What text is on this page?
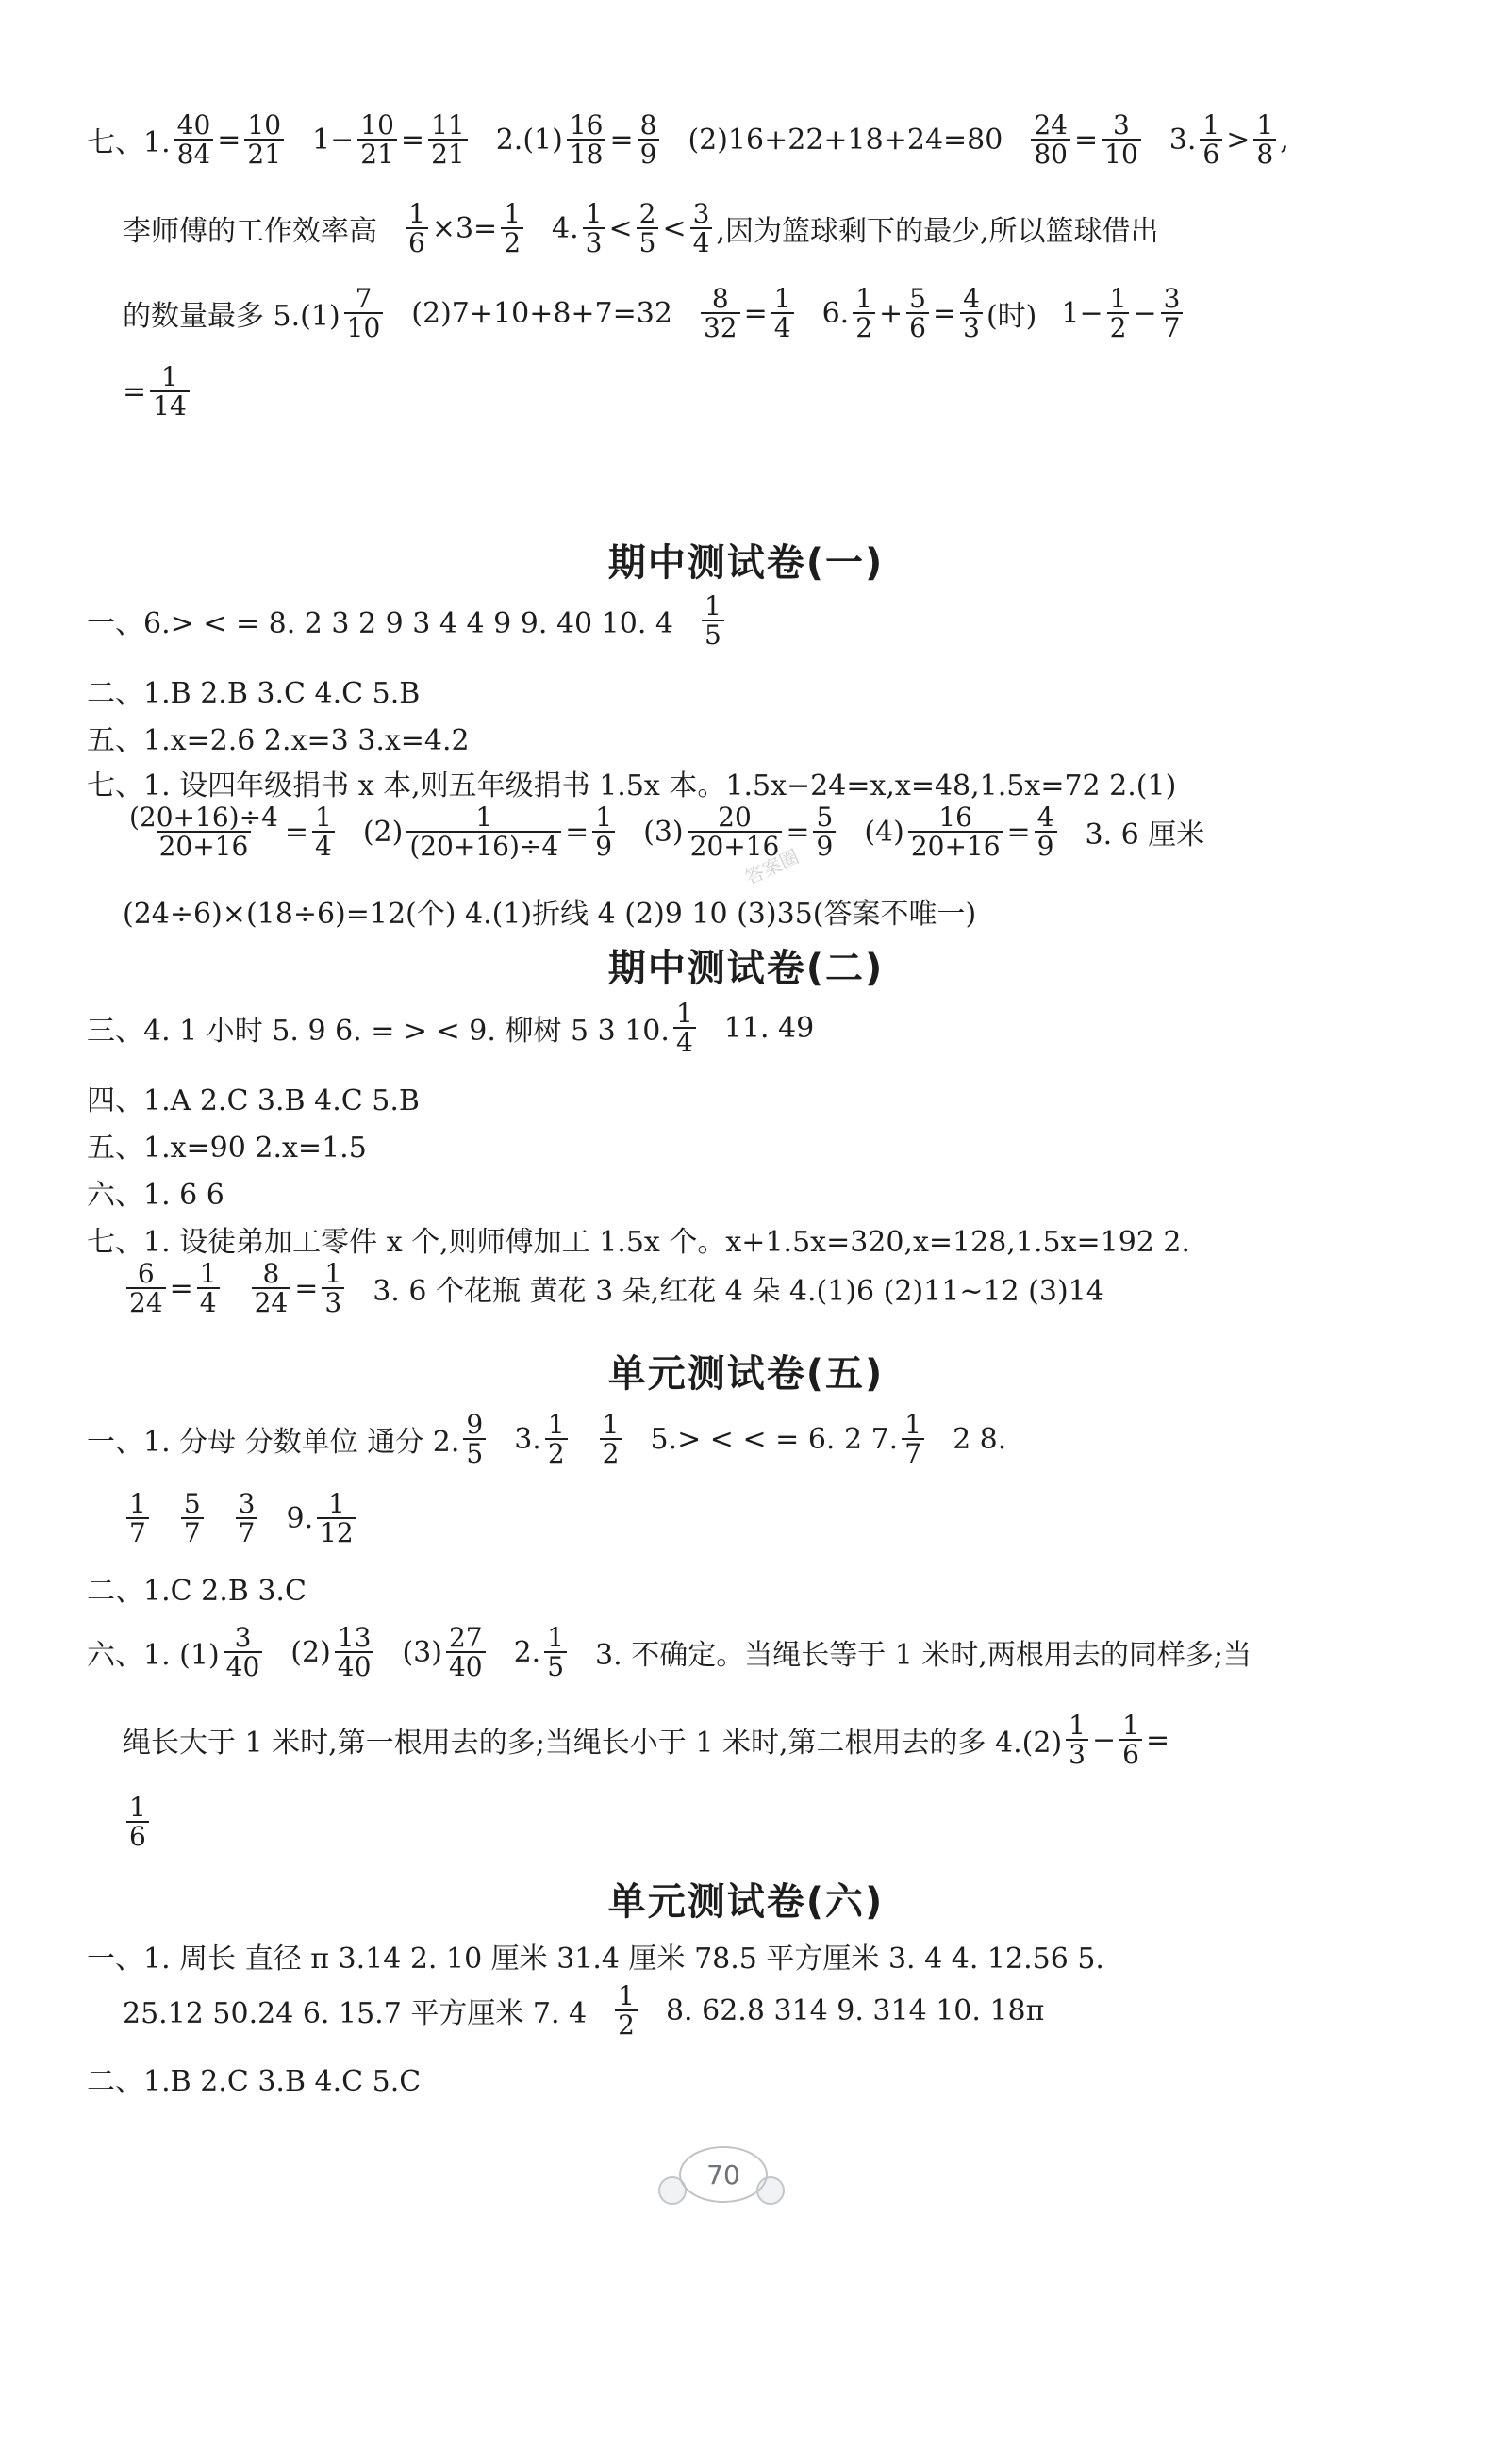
七、1. $\frac{40}{84} = \frac{10}{21} 1- \frac{10}{21} = \frac{11}{21} 2.(1) \frac{16}{18} = \frac{8}{9} (2)16+22+18+24=80 \frac{24}{80} = \frac{3}{10} 3$. $\frac{1}{6} > \frac{1}{8}$ ,
李师傅的工作效率高 $\frac{1}{6} \times 3= \frac{1}{2} 4$. $\frac{1}{3} < \frac{2}{5} < \frac{3}{4}$ ,因为篮球剩下的最少,所以篮球借出
的数量最多 $5.(1) \frac{7}{10} (2)7+10+8+7=32 \frac{8}{32} = \frac{1}{4} 6$. $\frac{1}{2} + \frac{5}{6} = \frac{4}{3}$ (时) $1- \frac{1}{2} - \frac{3}{7}$
= $\frac{1}{14}$
期中测试卷(一)
一、6.> < = 8. 2 3 2 9 3 4 4 9 9. 40 10. $4 \frac{1}{5}$
二、1.B 2.B 3.C 4.C 5.B
五、1.x=2.6 2.x=3 3.x=4.2
七、1. 设四年级捐书 x 本,则五年级捐书 1.5x 本。1.5x−24=x,x=48,1.5x=72 2.(1)
$\frac{(20+16)\div 4}{20+16} = \frac{1}{4} (2) \frac{1}{(20+16)\div 4} = \frac{1}{9} (3) \frac{20}{20+16} = \frac{5}{9} (4) \frac{16}{20+16} = \frac{4}{9} 3$. 6 厘米
(24÷6)×(18÷6)=12(个) 4.(1)折线 4 (2)9 10 (3)35(答案不唯一)
答案圈
期中测试卷(二)
三、4. 1 小时 5. 9 6. = > < 9. 柳树 5 3 10. $\frac{1}{4} 11$. 49
四、1.A 2.C 3.B 4.C 5.B
五、1.x=90 2.x=1.5
六、1. 6 6
七、1. 设徒弟加工零件 x 个,则师傅加工 1.5x 个。x+1.5x=320,x=128,1.5x=192 2.
$\frac{6}{24} = \frac{1}{4} \frac{8}{24} = \frac{1}{3} 3$. 6 个花瓶 黄花 3 朵,红花 4 朵 4.(1)6 (2)11~12 (3)14
单元测试卷(五)
一、1. 分母 分数单位 通分 2. $\frac{9}{5} 3$. $\frac{1}{2} \frac{1}{2} 5.>$ < < = 6. 2 7. $\frac{1}{7} 2$ 8.
$\frac{1}{7} \frac{5}{7} \frac{3}{7} 9$. $\frac{1}{12}$
二、1.C 2.B 3.C
六、1. $(1) \frac{3}{40} (2) \frac{13}{40} (3) \frac{27}{40} 2$. $\frac{1}{5} 3$. 不确定。当绳长等于 1 米时,两根用去的同样多;当
绳长大于 1 米时,第一根用去的多;当绳长小于 1 米时,第二根用去的多 $4.(2) \frac{1}{3} - \frac{1}{6}$ =
$\frac{1}{6}$
单元测试卷(六)
一、1. 周长 直径 π 3.14 2. 10 厘米 31.4 厘米 78.5 平方厘米 3. 4 4. 12.56 5.
25.12 50.24 6. 15.7 平方厘米 7. $4 \frac{1}{2} 8$. 62.8 314 9. 314 10. 18π
二、1.B 2.C 3.B 4.C 5.C
70
